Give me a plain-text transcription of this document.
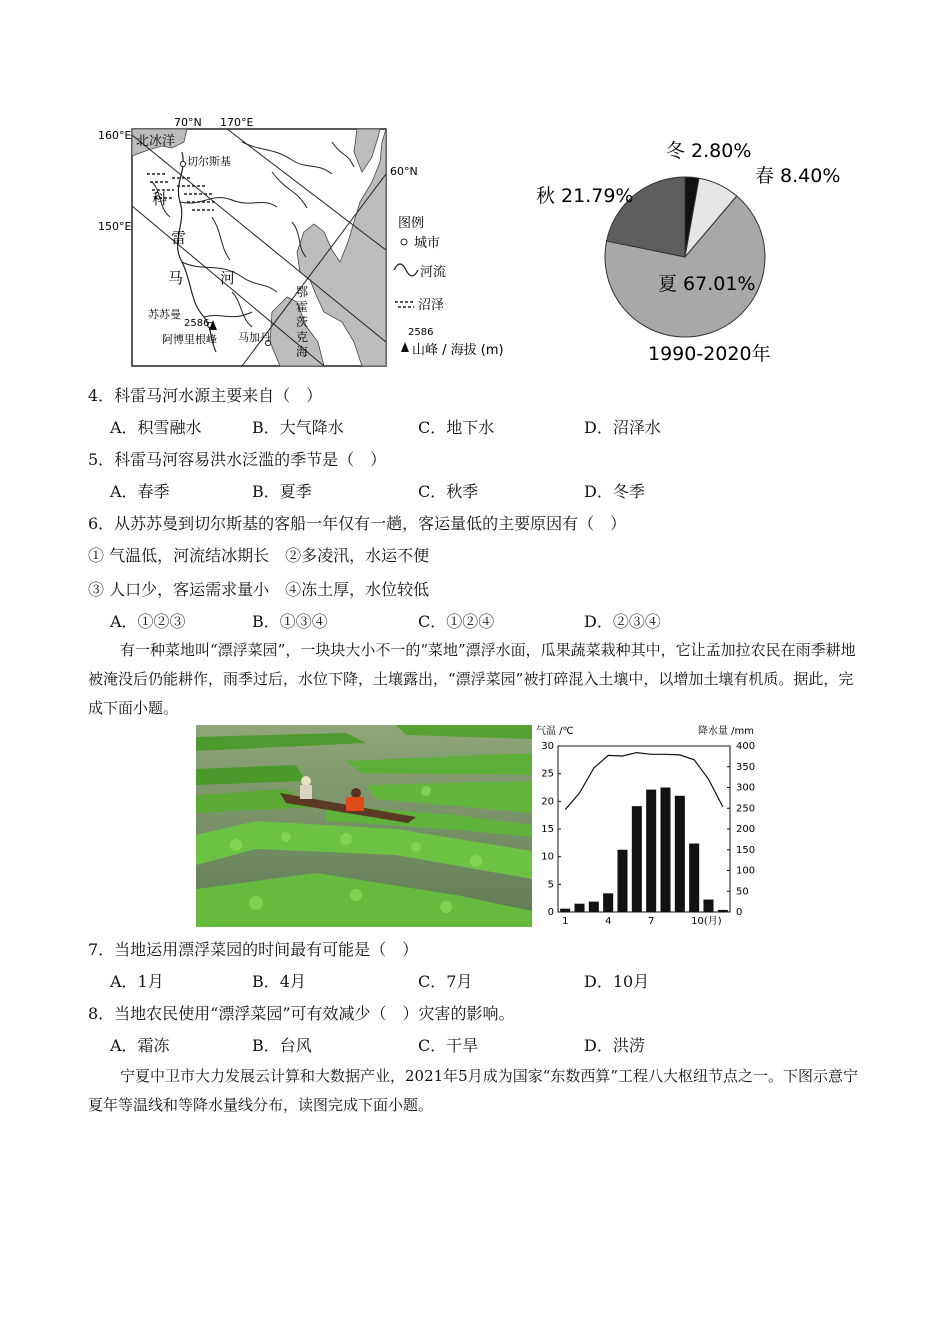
70°N 170°E
160°E
150°E
60°N
北冰洋
切尔斯基
科
雷
马 河
苏苏曼
2586
阿博里根峰 马加丹
鄂
霍
茨
克
海
图例
城市
河流
沼泽
2586
山峰 / 海拔 (m)
冬 2.80%
春 8.40%
秋 21.79%
夏 67.01%
1990-2020年
4．科雷马河水源主要来自（　）
A．积雪融水	B．大气降水	C．地下水	D．沼泽水
5．科雷马河容易洪水泛滥的季节是（　）
A．春季	B．夏季	C．秋季	D．冬季
6．从苏苏曼到切尔斯基的客船一年仅有一趟，客运量低的主要原因有（　）
① 气温低，河流结冰期长　②多凌汛，水运不便
③ 人口少，客运需求量小　④冻土厚，水位较低
A．①②③	B．①③④	C．①②④	D．②③④

有一种菜地叫“漂浮菜园”，一块块大小不一的“菜地”漂浮水面，瓜果蔬菜栽种其中，它让孟加拉农民在雨季耕地被淹没后仍能耕作，雨季过后，水位下降，土壤露出，“漂浮菜园”被打碎混入土壤中，以增加土壤有机质。据此，完成下面小题。

气温 /℃	降水量 /mm
30
25
20
15
10
5
0
400
350
300
250
200
150
100
50
0
1	4	7	10(月)
7．当地运用漂浮菜园的时间最有可能是（　）
A．1月	B．4月	C．7月	D．10月
8．当地农民使用“漂浮菜园”可有效减少（　）灾害的影响。
A．霜冻	B．台风	C．干旱	D．洪涝

宁夏中卫市大力发展云计算和大数据产业，2021年5月成为国家“东数西算”工程八大枢纽节点之一。下图示意宁夏年等温线和等降水量线分布，读图完成下面小题。
